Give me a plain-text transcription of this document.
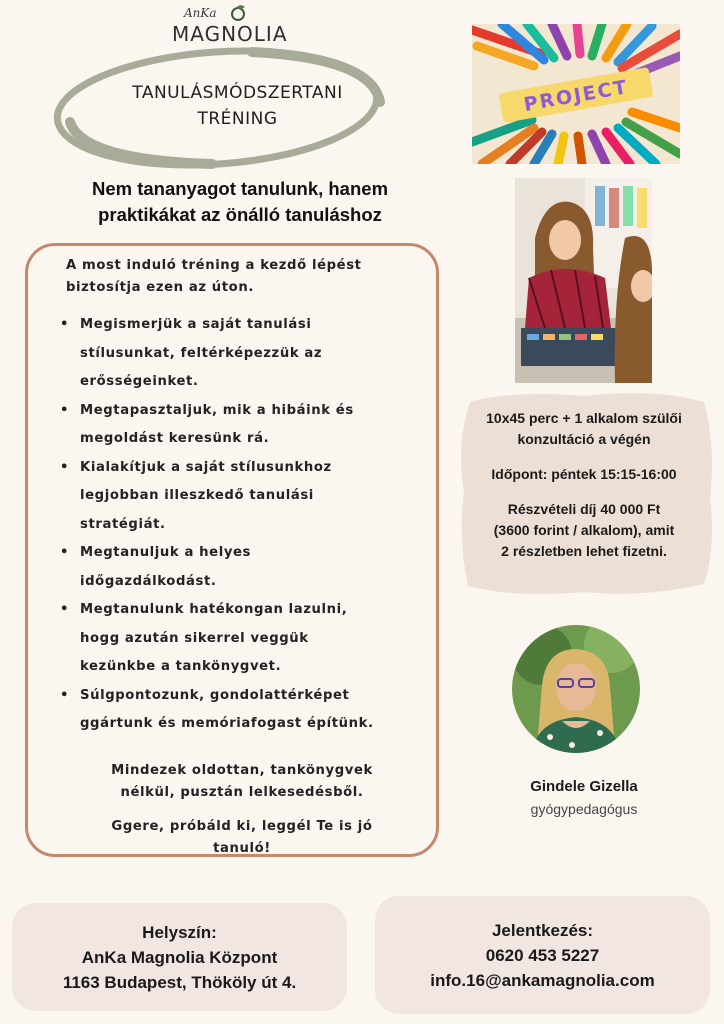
AnKa
MAGNOLIA
TANULÁSMÓDSZERTANI
TRÉNING
Nem tananyagot tanulunk, hanem
praktikákat az önálló tanuláshoz
A most induló tréning a kezdő lépést
biztosítja ezen az úton.
• Megismerjük a saját tanulási
stílusunkat, feltérképezzük az
erősségeinket.
• Megtapasztaljuk, mik a hibáink és
megoldást keresünk rá.
• Kialakítjuk a saját stílusunkhoz
legjobban illeszkedő tanulási
stratégiát.
• Megtanuljuk a helyes
időgazdálkodást.
• Megtanulunk hatékongan lazulni,
hogg azután sikerrel veggük
kezünkbe a tankönygvet.
• Súlgpontozunk, gondolattérképet
ggártunk és memóriafogast építünk.
Mindezek oldottan, tankönygvek
nélkül, pusztán lelkesedésből.
Ggere, próbáld ki, leggél Te is jó
tanuló!
PROJECT

10x45 perc + 1 alkalom szülői
konzultáció a végén

Időpont: péntek 15:15-16:00

Részvételi díj 40 000 Ft
(3600 forint / alkalom), amit
2 részletben lehet fizetni.

Gindele Gizella
gyógypedagógus
Helyszín:
AnKa Magnolia Központ
1163 Budapest, Thököly út 4.
Jelentkezés:
0620 453 5227
info.16@ankamagnolia.com
